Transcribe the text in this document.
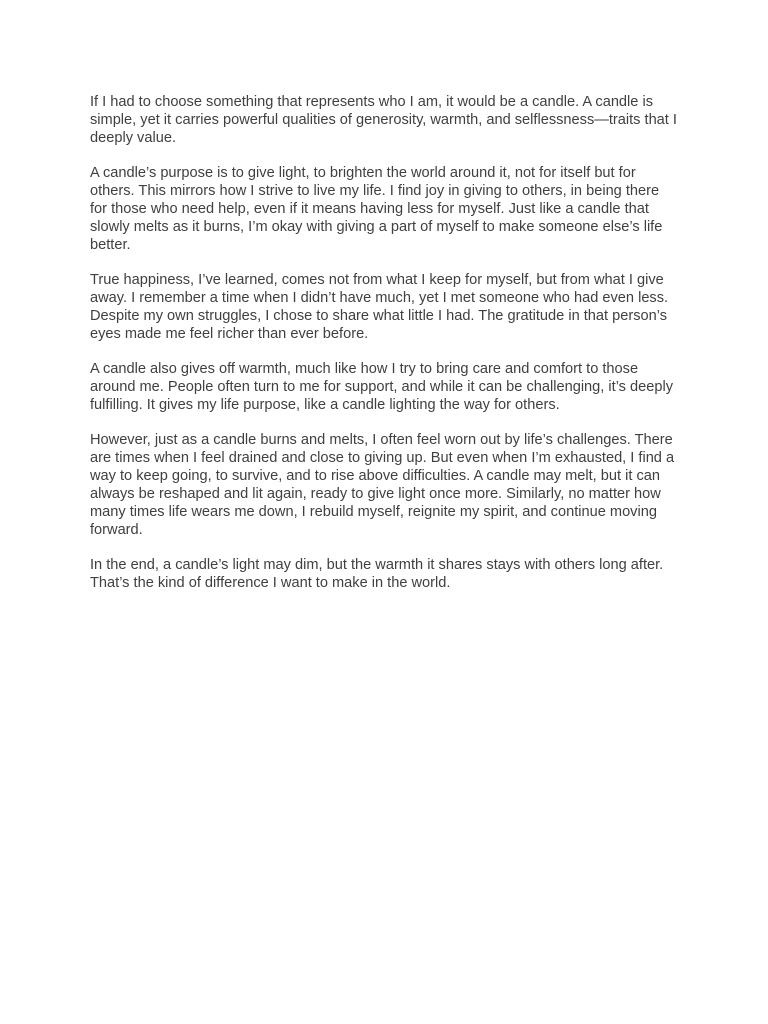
If I had to choose something that represents who I am, it would be a candle. A candle is simple, yet it carries powerful qualities of generosity, warmth, and selflessness—traits that I deeply value.

A candle’s purpose is to give light, to brighten the world around it, not for itself but for others. This mirrors how I strive to live my life. I find joy in giving to others, in being there for those who need help, even if it means having less for myself. Just like a candle that slowly melts as it burns, I’m okay with giving a part of myself to make someone else’s life better.

True happiness, I’ve learned, comes not from what I keep for myself, but from what I give away. I remember a time when I didn’t have much, yet I met someone who had even less. Despite my own struggles, I chose to share what little I had. The gratitude in that person’s eyes made me feel richer than ever before.

A candle also gives off warmth, much like how I try to bring care and comfort to those around me. People often turn to me for support, and while it can be challenging, it’s deeply fulfilling. It gives my life purpose, like a candle lighting the way for others.

However, just as a candle burns and melts, I often feel worn out by life’s challenges. There are times when I feel drained and close to giving up. But even when I’m exhausted, I find a way to keep going, to survive, and to rise above difficulties. A candle may melt, but it can always be reshaped and lit again, ready to give light once more. Similarly, no matter how many times life wears me down, I rebuild myself, reignite my spirit, and continue moving forward.

In the end, a candle’s light may dim, but the warmth it shares stays with others long after. That’s the kind of difference I want to make in the world.
